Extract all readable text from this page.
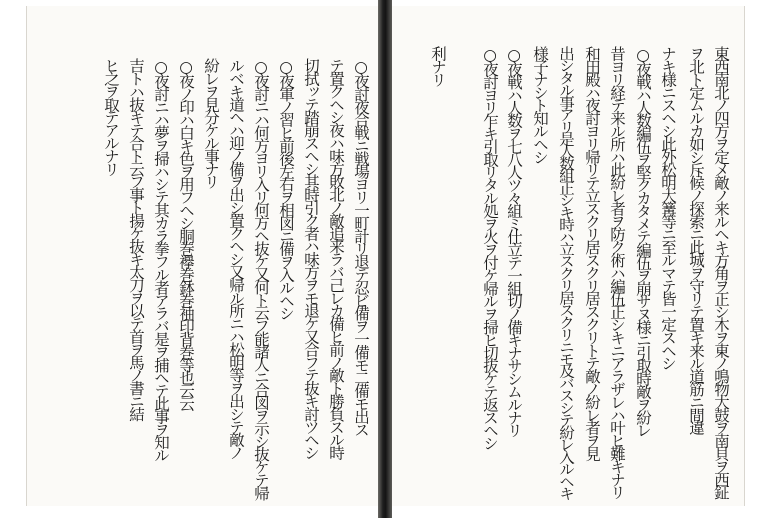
○夜討夜合戦ニ戦場ヨリ一町計リ退テ忍ビ備ヲ一備モ二備モ出ス
テ置クヘシ夜ハ味方敗北ノ敵追来ラバ己レカ備ヒ前ノ敵ト勝負スル時
切拭ッテ踏崩スヘシ其時引ク者ハ味方ヲモ退ケ又合フテ抜キ討ツヘシ
○夜軍ノ習ヒ前後左右ヲ相図ニ備ヲ入ルヘシ
○夜討ニハ何方ヨリ入リ何方ヘ抜ケ又何ト云フ能諸人ニ合図ヲ示シ抜ケテ帰
ルベキ道ヘハ迎ノ備ヲ出シ置クヘシ又帰ル所ニハ松明等ヲ出シテ敵ノ
紛レヲ見分ケル事ナリ
○夜ノ印ハ白キ色ヲ用フヘシ胴巻襷巻鉢巻袖印背巻等也云云
○夜討ニハ夢ヲ掃ハシテ其カラ拳フル者アラバ是ヲ捕ヘテ此事ヲ知ル
吉トハ抜キテ合ト云フ事ト揚ケ抜キ太刀ヲ以テ首ヲ馬ノ書ニ結
ヒ之ヲ取テアルナリ	東西南北ノ四方ヲ定メ敵ノ来ルヘキ方角ヲ正シ木ヲ東ノ鳴物大鼓ヲ南貝ヲ西鉦
ヲ北ト定ムルカ如シ斥候ノ探索ニ此城ヲ守リテ置キ来ル道筋ニ間違
ナキ様ニスヘシ此外松明大篝等ニ至ルマテ皆一定スヘシ
○夜戦ハ人数編伍ヲ堅クカタメテ編伍ヲ崩サヌ様ニ引取時敵ヲ紛レ
昔ヨリ経テ来ル所ハ此紛レ者ヲ防ク術ハ編伍正シキニアラザレハ叶ヒ難キナリ
和田殿ハ夜討ヨリ帰リテ立スクリ居スクリ居スクリトテ敵ノ紛レ者ヲ見
出シタル事アリ是人数組正シキ時ハ立スクリ居スクリニモ及バスシテ紛レ入ルヘキ
様子ナシト知ルヘシ
○夜戦ハ人数ヲ七八人ツ々組ミ仕立テ一組切ノ備キナサシムルナリ
○夜討ヨリ乍キ引取リタル処ヲ火ヲ付ケ帰ルヲ掃ヒ切抜ケテ返スヘシ
利ナリ
